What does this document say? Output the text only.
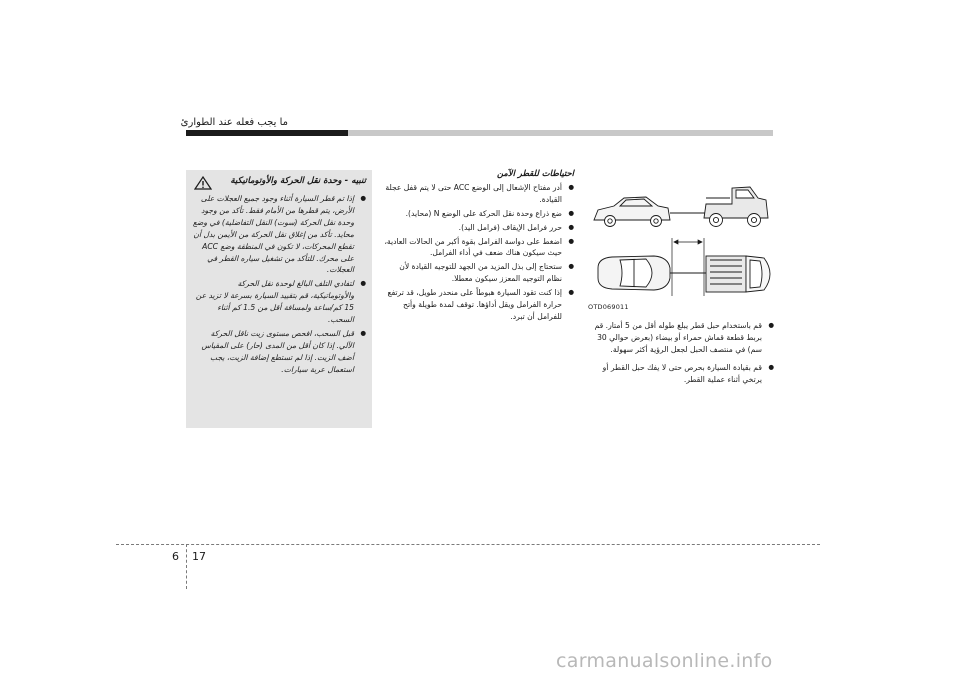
ما يجب فعله عند الطوارئ
تنبيه - وحدة نقل الحركة والأوتوماتيكية
● إذا تم قطر السيارة أثناء وجود جميع العجلات على الأرض، يتم قطرها من الأمام فقط. تأكد من وجود وحدة نقل الحركة (سوت) النقل التفاضلية) في وضع محايد. تأكد من إغلاق نقل الحركة من الأيمن بدل أن تقطع المحركات، لا تكون في المنطقة وضع ACC على محرك. للتأكد من تشغيل سياره القطر في العجلات.
● لتفادي التلف البالغ لوحدة نقل الحركة والأوتوماتيكية، قم بتقييد السيارة بسرعة لا تزيد عن 15 كم/ساعة ولمسافة أقل من 1.5 كم أثناء السحب.
● قبل السحب، افحص مستوى زيت ناقل الحركة الآلي. إذا كان أقل من المدى (حار) على المقياس أضف الزيت. إذا لم تستطع إضافة الزيت، يجب استعمال عربة سيارات.
احتياطات للقطر الآمن
● أدر مفتاح الإشعال إلى الوضع ACC حتى لا يتم قفل عجلة القيادة.
● ضع ذراع وحدة نقل الحركة على الوضع N (محايد).
● حرر فرامل الإيقاف (فرامل اليد).
● اضغط على دواسة الفرامل بقوة أكبر من الحالات العادية، حيث سيكون هناك ضعف في أداء الفرامل.
● ستحتاج إلى بذل المزيد من الجهد للتوجيه القيادة لأن نظام التوجيه المعزز سيكون معطلا.
● إذا كنت تقود السيارة هبوطاً على منحدر طويل، قد ترتفع حرارة الفرامل ويقل أداؤها. توقف لمدة طويلة وأتح للفرامل أن تبرد.
OTD069011
● قم باستخدام حبل قطر يبلغ طوله أقل من 5 أمتار. قم بربط قطعة قماش حمراء أو بيضاء (بعرض حوالي 30 سم) في منتصف الحبل لجعل الرؤية أكثر سهولة.
● قم بقيادة السيارة بحرص حتى لا يفك حبل القطر أو يرتخي أثناء عملية القطر.
17
6
carmanualsonline.info
